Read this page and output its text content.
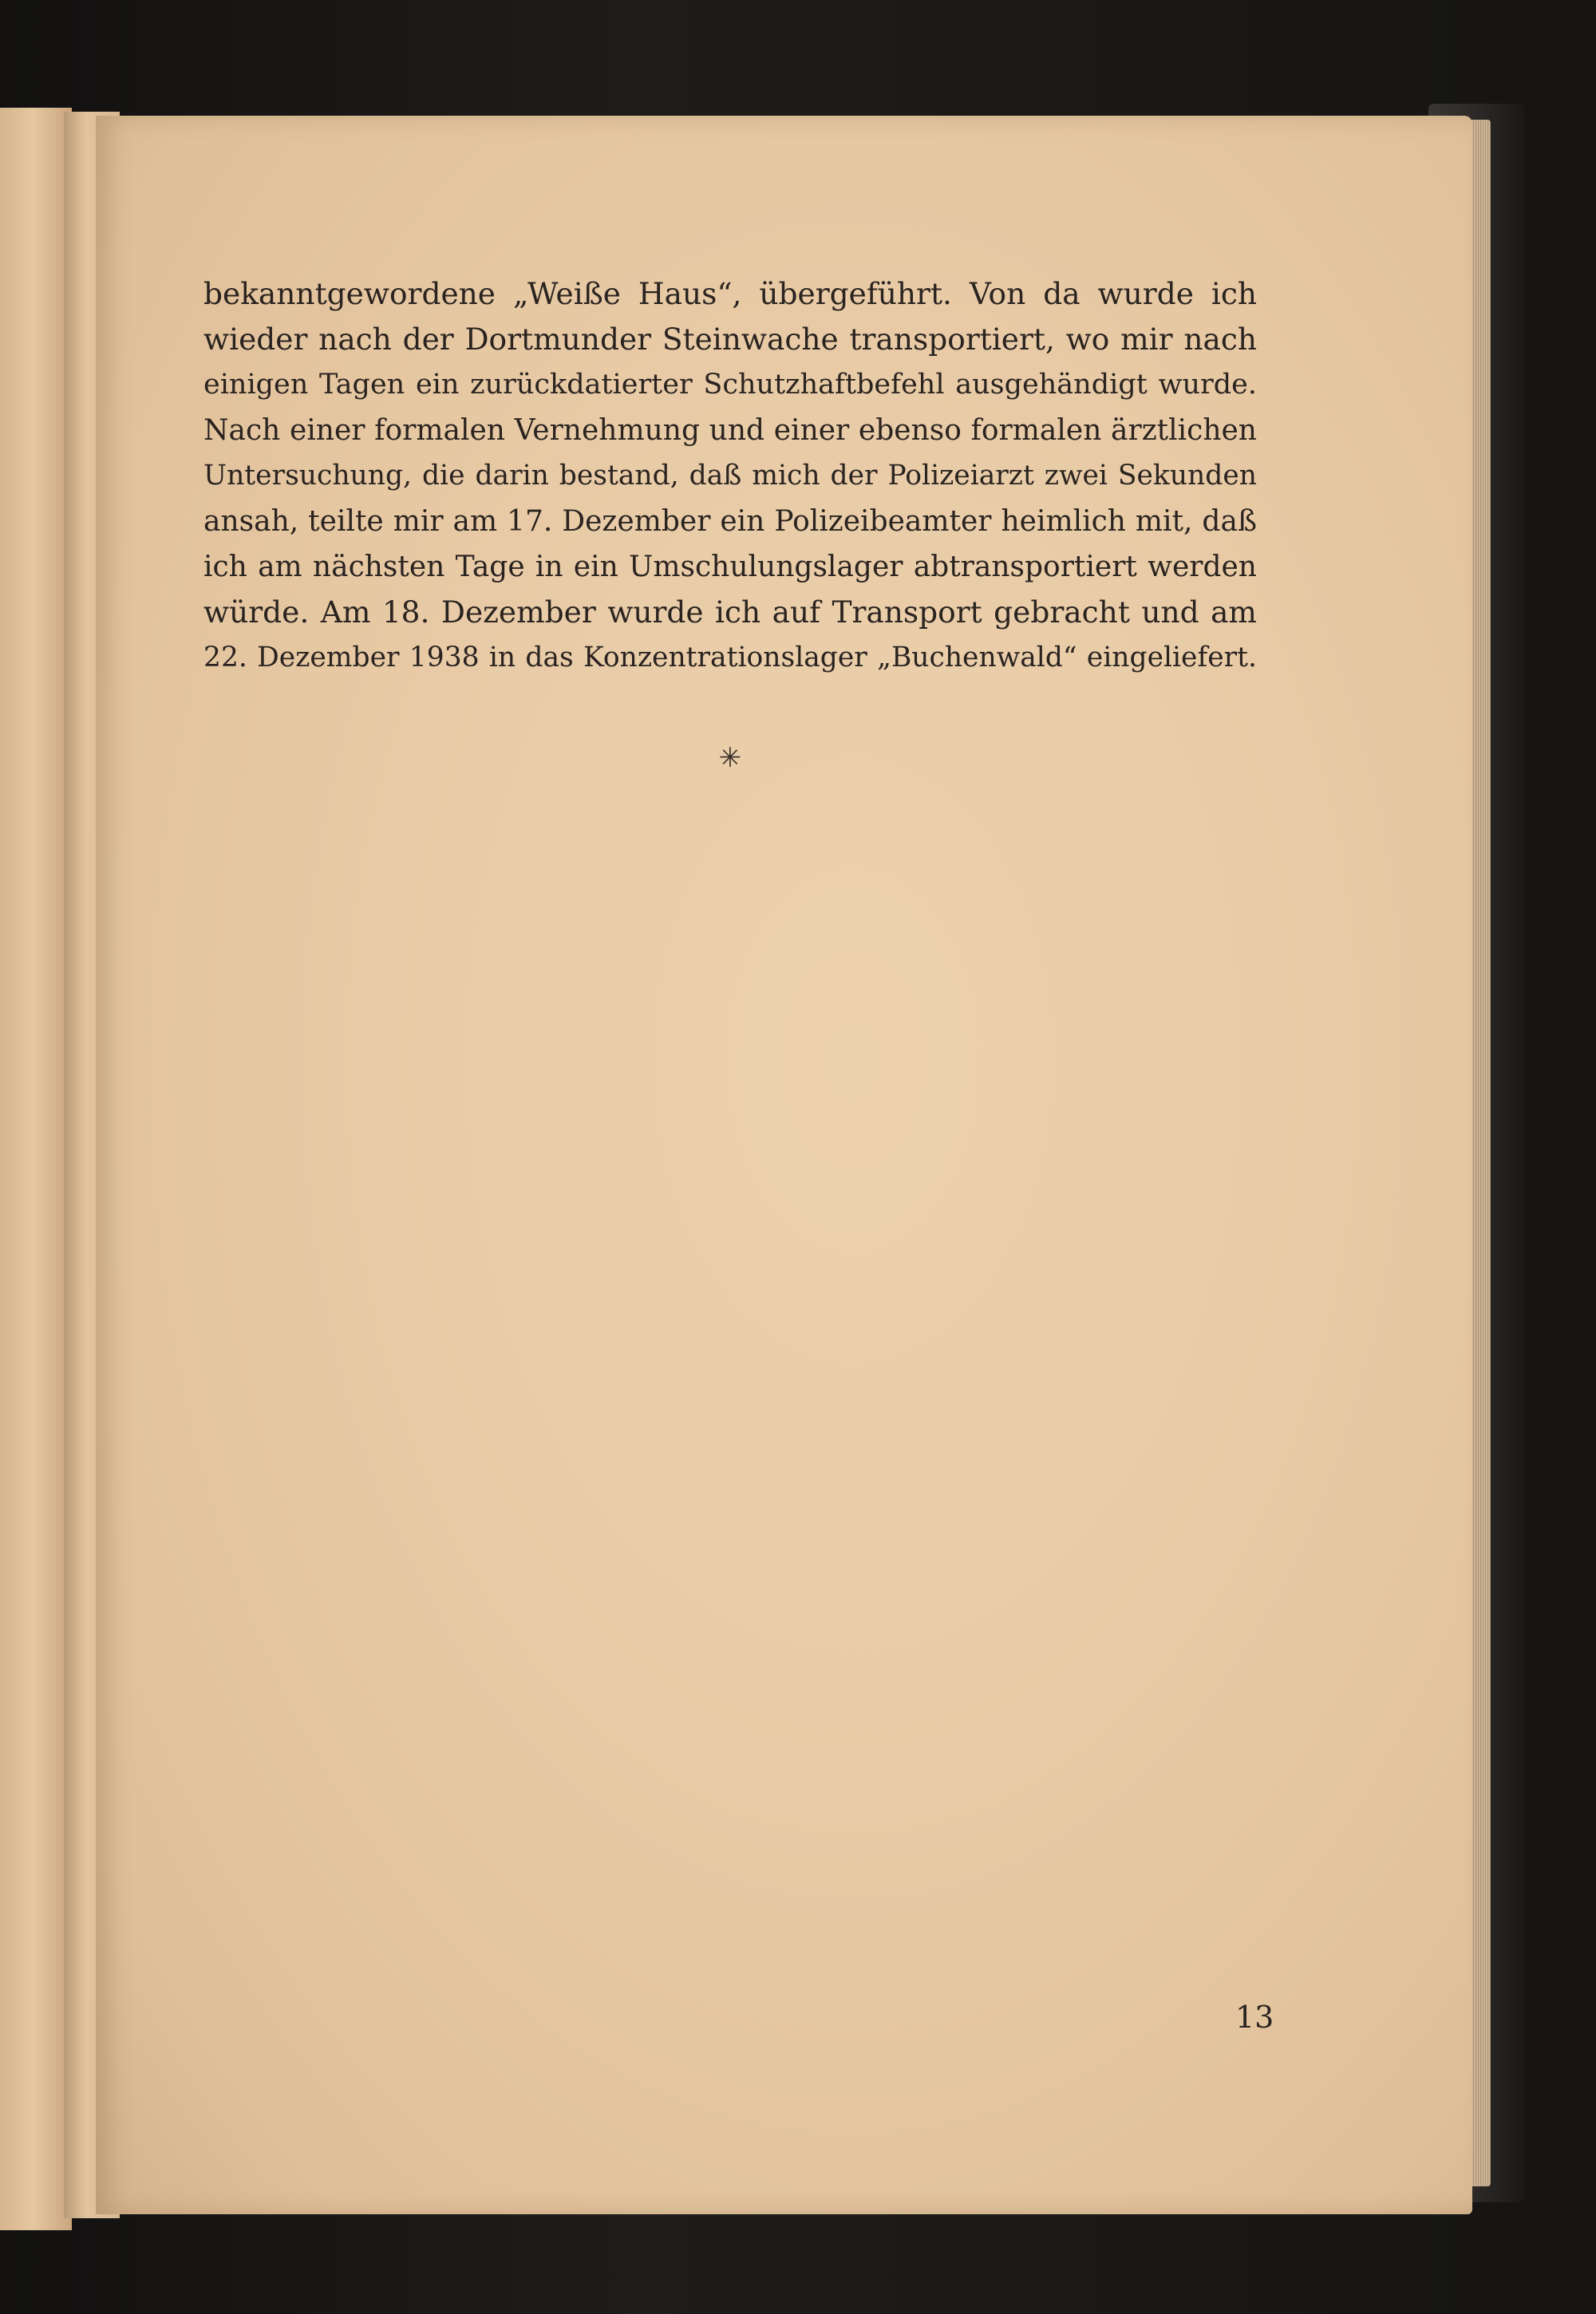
bekanntgewordene „Weiße Haus“, übergeführt. Von da wurde ich
wieder nach der Dortmunder Steinwache transportiert, wo mir nach
einigen Tagen ein zurückdatierter Schutzhaftbefehl ausgehändigt wurde.
Nach einer formalen Vernehmung und einer ebenso formalen ärztlichen
Untersuchung, die darin bestand, daß mich der Polizeiarzt zwei Sekunden
ansah, teilte mir am 17. Dezember ein Polizeibeamter heimlich mit, daß
ich am nächsten Tage in ein Umschulungslager abtransportiert werden
würde. Am 18. Dezember wurde ich auf Transport gebracht und am
22. Dezember 1938 in das Konzentrationslager „Buchenwald“ eingeliefert.

✳
13
